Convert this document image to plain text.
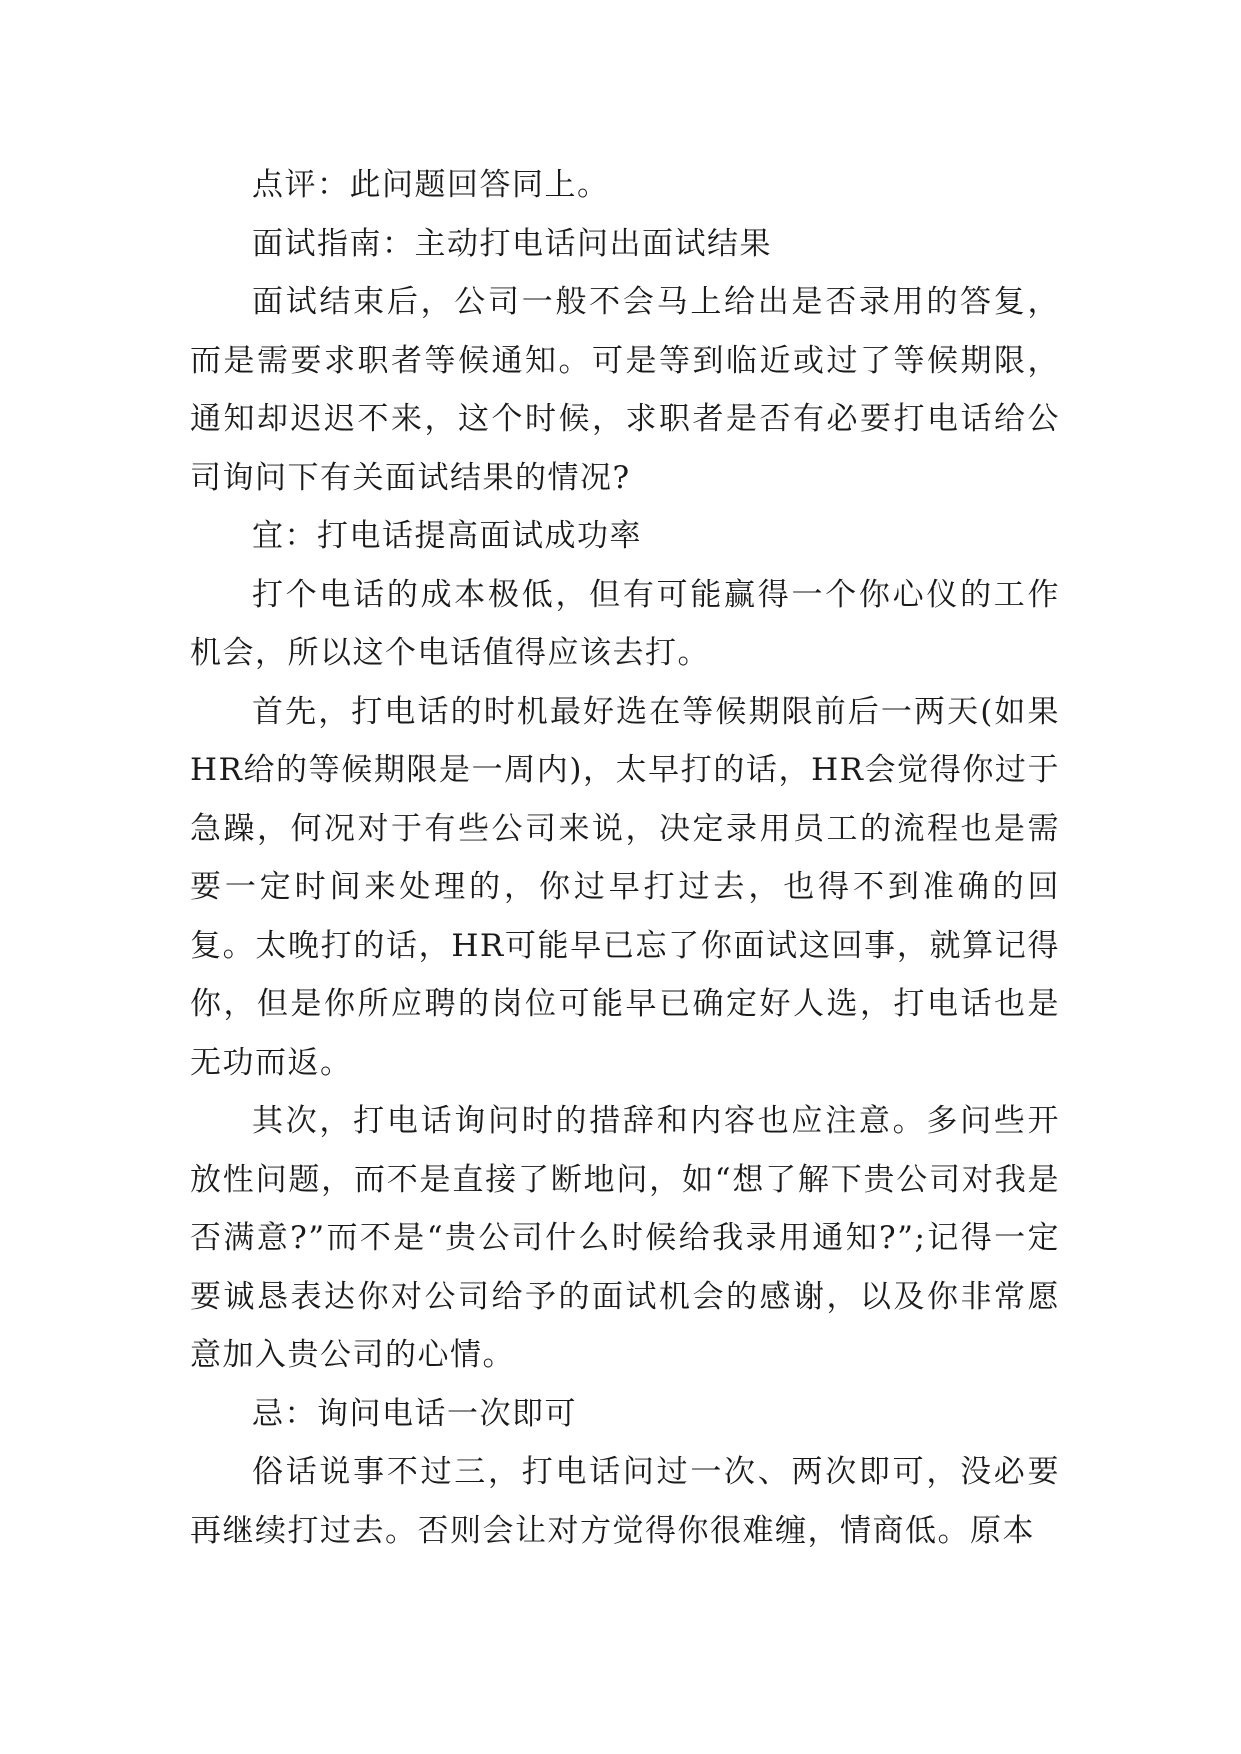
点评：此问题回答同上。

面试指南：主动打电话问出面试结果

面试结束后，公司一般不会马上给出是否录用的答复，而是需要求职者等候通知。可是等到临近或过了等候期限，通知却迟迟不来，这个时候，求职者是否有必要打电话给公司询问下有关面试结果的情况?

宜：打电话提高面试成功率

打个电话的成本极低，但有可能赢得一个你心仪的工作机会，所以这个电话值得应该去打。

首先，打电话的时机最好选在等候期限前后一两天(如果HR给的等候期限是一周内)，太早打的话，HR会觉得你过于急躁，何况对于有些公司来说，决定录用员工的流程也是需要一定时间来处理的，你过早打过去，也得不到准确的回复。太晚打的话，HR可能早已忘了你面试这回事，就算记得你，但是你所应聘的岗位可能早已确定好人选，打电话也是无功而返。

其次，打电话询问时的措辞和内容也应注意。多问些开放性问题，而不是直接了断地问，如“想了解下贵公司对我是否满意?”而不是“贵公司什么时候给我录用通知?”;记得一定要诚恳表达你对公司给予的面试机会的感谢，以及你非常愿意加入贵公司的心情。

忌：询问电话一次即可

俗话说事不过三，打电话问过一次、两次即可，没必要再继续打过去。否则会让对方觉得你很难缠，情商低。原本
